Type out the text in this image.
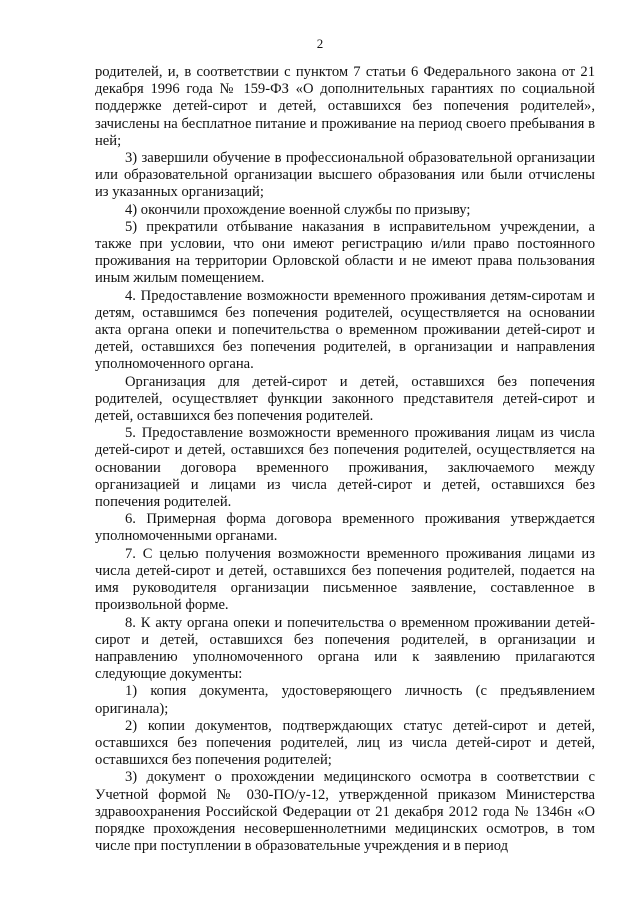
2

родителей, и, в соответствии с пунктом 7 статьи 6 Федерального закона от 21 декабря 1996 года № 159-ФЗ «О дополнительных гарантиях по социальной поддержке детей-сирот и детей, оставшихся без попечения родителей», зачислены на бесплатное питание и проживание на период своего пребывания в ней;

3) завершили обучение в профессиональной образовательной организации или образовательной организации высшего образования или были отчислены из указанных организаций;

4) окончили прохождение военной службы по призыву;

5) прекратили отбывание наказания в исправительном учреждении, а также при условии, что они имеют регистрацию и/или право постоянного проживания на территории Орловской области и не имеют права пользования иным жилым помещением.

4. Предоставление возможности временного проживания детям-сиротам и детям, оставшимся без попечения родителей, осуществляется на основании акта органа опеки и попечительства о временном проживании детей-сирот и детей, оставшихся без попечения родителей, в организации и направления уполномоченного органа.

Организация для детей-сирот и детей, оставшихся без попечения родителей, осуществляет функции законного представителя детей-сирот и детей, оставшихся без попечения родителей.

5. Предоставление возможности временного проживания лицам из числа детей-сирот и детей, оставшихся без попечения родителей, осуществляется на основании договора временного проживания, заключаемого между организацией и лицами из числа детей-сирот и детей, оставшихся без попечения родителей.

6. Примерная форма договора временного проживания утверждается уполномоченными органами.

7. С целью получения возможности временного проживания лицами из числа детей-сирот и детей, оставшихся без попечения родителей, подается на имя руководителя организации письменное заявление, составленное в произвольной форме.

8. К акту органа опеки и попечительства о временном проживании детей-сирот и детей, оставшихся без попечения родителей, в организации и направлению уполномоченного органа или к заявлению прилагаются следующие документы:

1) копия документа, удостоверяющего личность (с предъявлением оригинала);

2) копии документов, подтверждающих статус детей-сирот и детей, оставшихся без попечения родителей, лиц из числа детей-сирот и детей, оставшихся без попечения родителей;

3) документ о прохождении медицинского осмотра в соответствии с Учетной формой № 030-ПО/у-12, утвержденной приказом Министерства здравоохранения Российской Федерации от 21 декабря 2012 года № 1346н «О порядке прохождения несовершеннолетними медицинских осмотров, в том числе при поступлении в образовательные учреждения и в период
